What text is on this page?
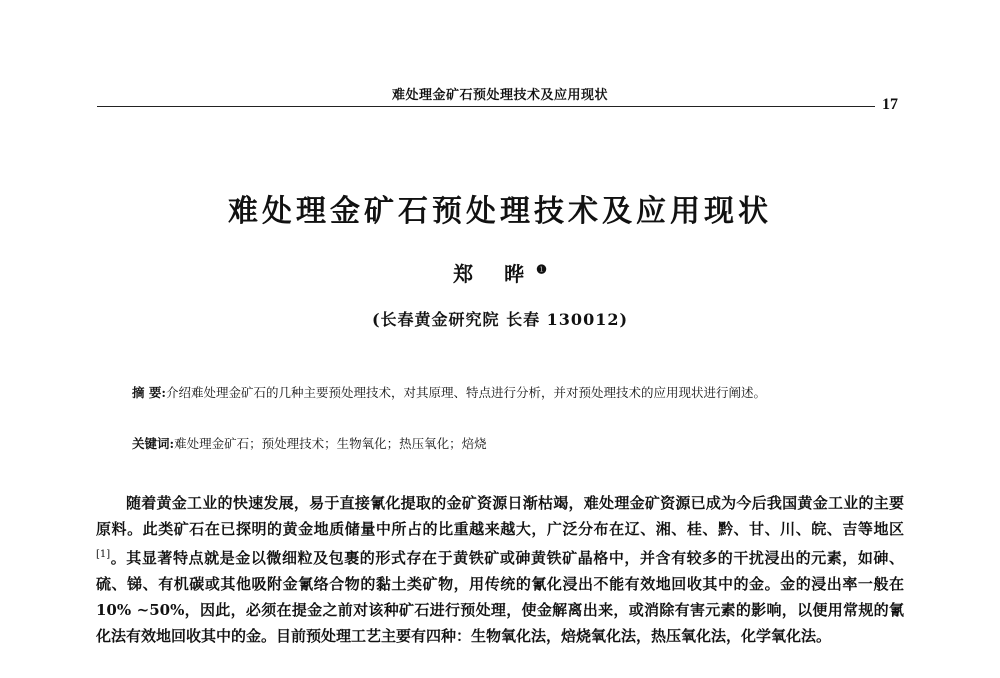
难处理金矿石预处理技术及应用现状
17
难处理金矿石预处理技术及应用现状
郑 晔$^❶$
(长春黄金研究院 长春 130012)
摘 要:介绍难处理金矿石的几种主要预处理技术，对其原理、特点进行分析，并对预处理技术的应用现状进行阐述。
关键词:难处理金矿石；预处理技术；生物氧化；热压氧化；焙烧
随着黄金工业的快速发展，易于直接氰化提取的金矿资源日渐枯竭，难处理金矿资源已成为今后我国黄金工业的主要原料。此类矿石在已探明的黄金地质储量中所占的比重越来越大，广泛分布在辽、湘、桂、黔、甘、川、皖、吉等地区[1]。其显著特点就是金以微细粒及包裹的形式存在于黄铁矿或砷黄铁矿晶格中，并含有较多的干扰浸出的元素，如砷、硫、锑、有机碳或其他吸附金氰络合物的黏土类矿物，用传统的氰化浸出不能有效地回收其中的金。金的浸出率一般在 10% ~50%，因此，必须在提金之前对该种矿石进行预处理，使金解离出来，或消除有害元素的影响，以便用常规的氰化法有效地回收其中的金。目前预处理工艺主要有四种：生物氧化法，焙烧氧化法，热压氧化法，化学氧化法。
